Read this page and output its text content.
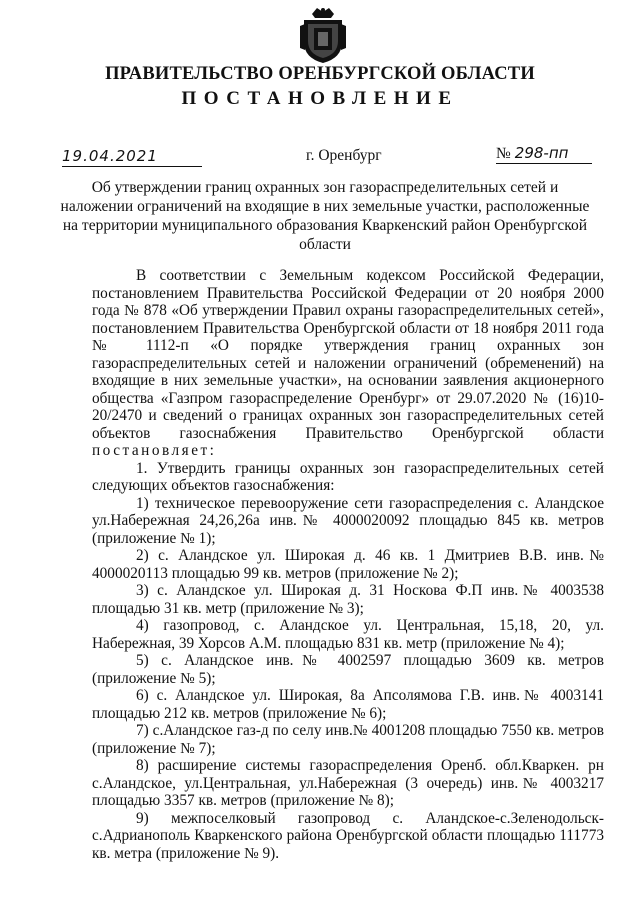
ПРАВИТЕЛЬСТВО ОРЕНБУРГСКОЙ ОБЛАСТИ
ПОСТАНОВЛЕНИЕ
19.04.2021	г. Оренбург	№ 298-пп
Об утверждении границ охранных зон газораспределительных сетей и наложении ограничений на входящие в них земельные участки, расположенные на территории муниципального образования Кваркенский район Оренбургской области

В соответствии с Земельным кодексом Российской Федерации, постановлением Правительства Российской Федерации от 20 ноября 2000 года № 878 «Об утверждении Правил охраны газораспределительных сетей», постановлением Правительства Оренбургской области от 18 ноября 2011 года № 1112-п «О порядке утверждения границ охранных зон газораспределительных сетей и наложении ограничений (обременений) на входящие в них земельные участки», на основании заявления акционерного общества «Газпром газораспределение Оренбург» от 29.07.2020 № (16)10-20/2470 и сведений о границах охранных зон газораспределительных сетей объектов газоснабжения Правительство Оренбургской области постановляет:

1. Утвердить границы охранных зон газораспределительных сетей следующих объектов газоснабжения:

1) техническое перевооружение сети газораспределения с. Аландское ул.Набережная 24,26,26а инв.№ 4000020092 площадью 845 кв. метров (приложение № 1);

2) с. Аландское ул. Широкая д. 46 кв. 1 Дмитриев В.В. инв.№ 4000020113 площадью 99 кв. метров (приложение № 2);

3) с. Аландское ул. Широкая д. 31 Носкова Ф.П инв.№ 4003538 площадью 31 кв. метр (приложение № 3);

4) газопровод, с. Аландское ул. Центральная, 15,18, 20, ул. Набережная, 39 Хорсов А.М. площадью 831 кв. метр (приложение № 4);

5) с. Аландское инв.№ 4002597 площадью 3609 кв. метров (приложение № 5);

6) с. Аландское ул. Широкая, 8а Апсолямова Г.В. инв.№ 4003141 площадью 212 кв. метров (приложение № 6);

7) с.Аландское газ-д по селу инв.№ 4001208 площадью 7550 кв. метров (приложение № 7);

8) расширение системы газораспределения Оренб. обл.Кваркен. рн с.Аландское, ул.Центральная, ул.Набережная (3 очередь) инв.№ 4003217 площадью 3357 кв. метров (приложение № 8);

9) межпоселковый газопровод с. Аландское-с.Зеленодольск-с.Адрианополь Кваркенского района Оренбургской области площадью 111773 кв. метра (приложение № 9).
